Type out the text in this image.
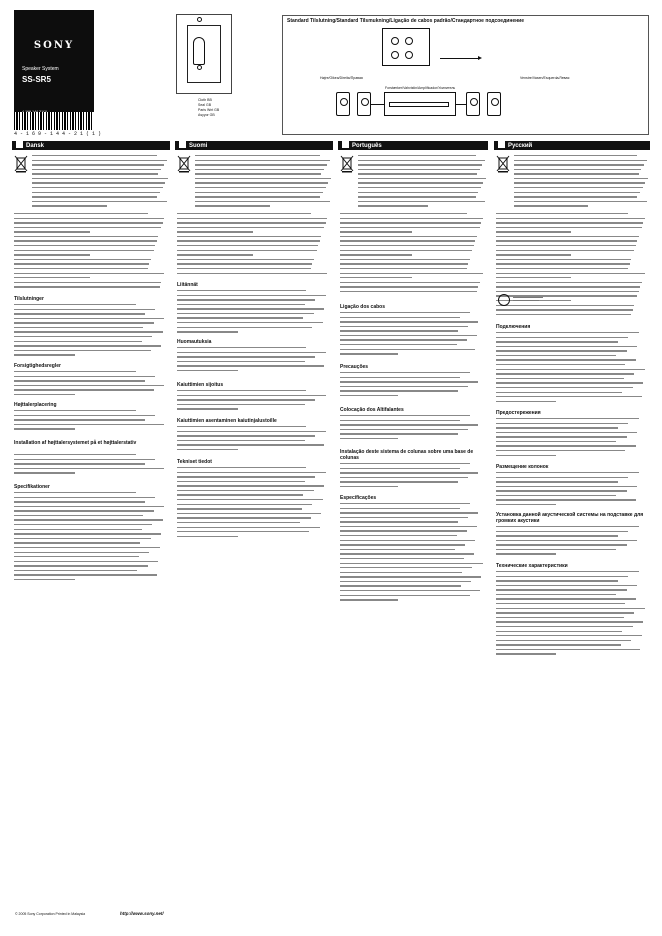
SONY
Speaker System
SS-SR5
4 - 1 6 9 - 1 4 4 - 2 1 ( 1 )
Cloth BB
Seal GB
Paris Wnt GB
Asyyor GB
Standard Tilslutning/Standard Tilsmukning/Ligação de cabos padrão/Стандартное подсоединение
Højre/Oikea/Direita/Правая	Venstre/Vasen/Esquerda/Левая
Forstærker/Vahvistin/Amplificador/Усилитель
Dansk
Tilslutninger
Forsigtighedsregler
Højttalerplacering
Installation af højttalersystemet på et højttalerstativ
Specifikationer
Suomi
Liitännät
Huomautuksia
Kaiuttimien sijoitus
Kaiuttimien asentaminen kaiutinjalustoille
Tekniset tiedot
Português
Ligação dos cabos
Precauções
Colocação dos Altifalantes
Instalação deste sistema de colunas sobre uma base de colunas
Especificações
Русский
Подключения
Предостережения
Размещение колонок
Установка данной акустической системы на подставке для громких акустики
Технические характеристики
© 2005 Sony Corporation Printed in Malaysia	http://www.sony.net/
